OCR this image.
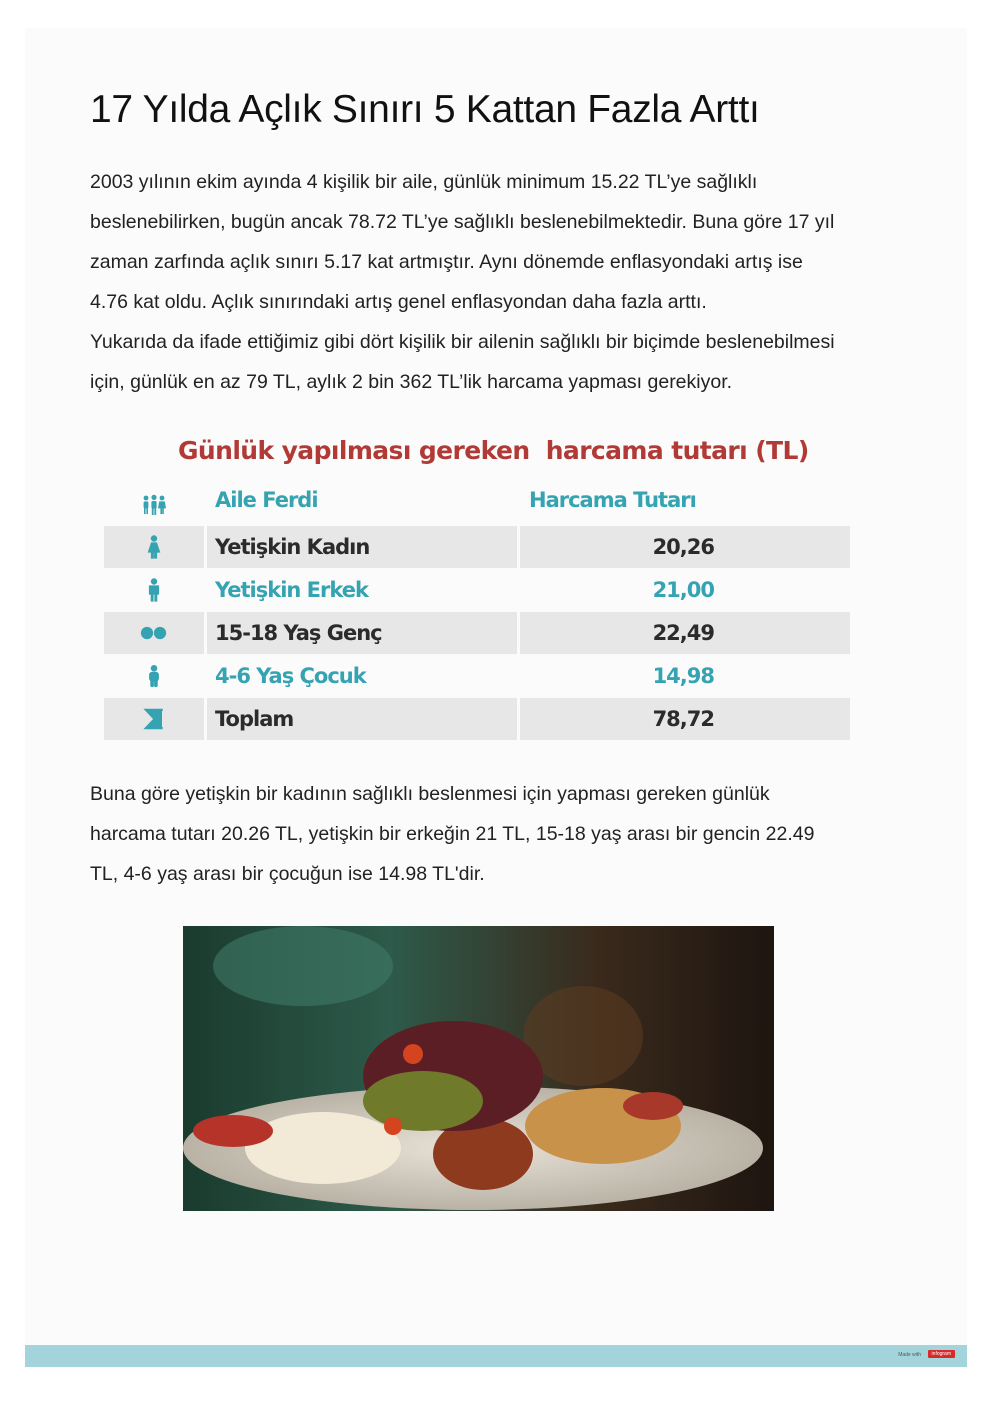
17 Yılda Açlık Sınırı 5 Kattan Fazla Arttı

2003 yılının ekim ayında 4 kişilik bir aile, günlük minimum 15.22 TL’ye sağlıklı

beslenebilirken, bugün ancak 78.72 TL’ye sağlıklı beslenebilmektedir. Buna göre 17 yıl

zaman zarfında açlık sınırı 5.17 kat artmıştır. Aynı dönemde enflasyondaki artış ise

4.76 kat oldu. Açlık sınırındaki artış genel enflasyondan daha fazla arttı.

Yukarıda da ifade ettiğimiz gibi dört kişilik bir ailenin sağlıklı bir biçimde beslenebilmesi

için, günlük en az 79 TL, aylık 2 bin 362 TL’lik harcama yapması gerekiyor.

Günlük yapılması gereken  harcama tutarı (TL)
Aile Ferdi	Harcama Tutarı
Yetişkin Kadın	20,26
Yetişkin Erkek	21,00
15-18 Yaş Genç	22,49
4-6 Yaş Çocuk	14,98
Toplam	78,72

Buna göre yetişkin bir kadının sağlıklı beslenmesi için yapması gereken günlük

harcama tutarı 20.26 TL, yetişkin bir erkeğin 21 TL, 15-18 yaş arası bir gencin 22.49

TL, 4-6 yaş arası bir çocuğun ise 14.98 TL'dir.

Made with	infogram
